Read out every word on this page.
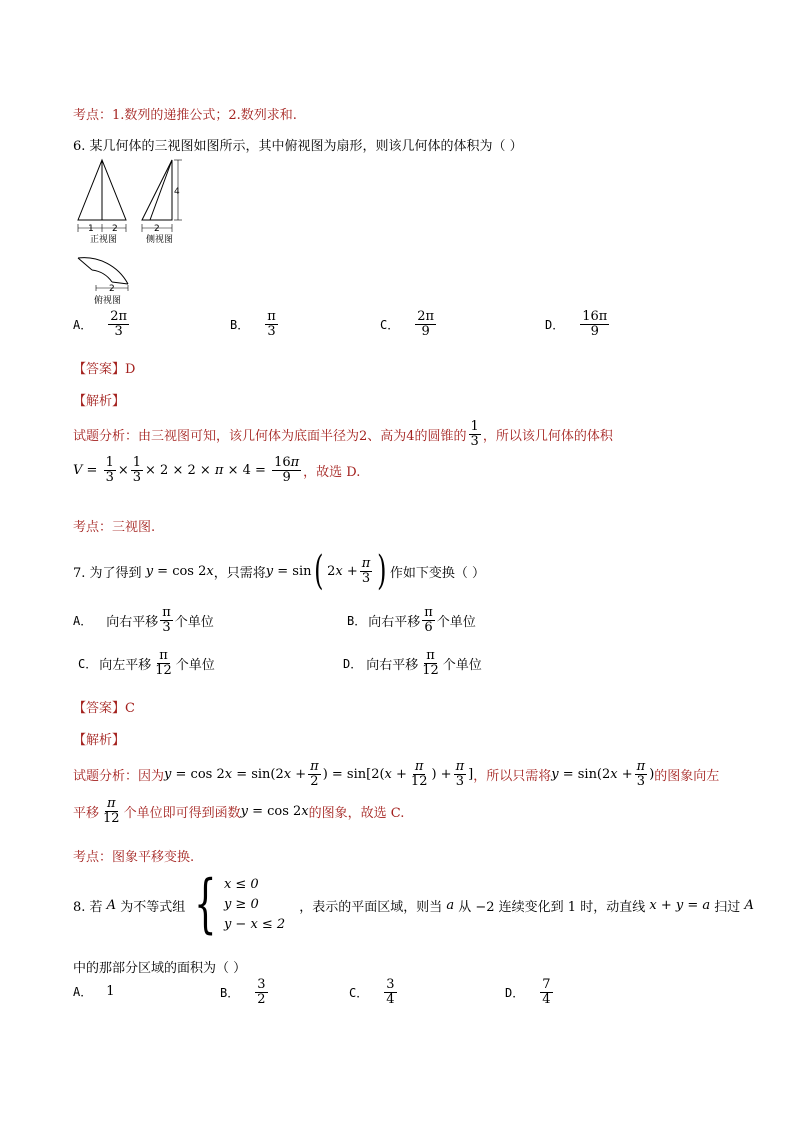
考点：1.数列的递推公式；2.数列求和.
6. 某几何体的三视图如图所示，其中俯视图为扇形，则该几何体的体积为（ ）
1 2
正视图
4
2
侧视图
2
俯视图
A． $\frac{2\pi}{3}$	B． $\frac{\pi}{3}$	C． $\frac{2\pi}{9}$	D． $\frac{16\pi}{9}$
【答案】D
【解析】
试题分析：由三视图可知，该几何体为底面半径为2、高为4的圆锥的 $\frac{1}{3}$ ，所以该几何体的体积
$V = \frac{1}{3} \times \frac{1}{3} \times 2 \times 2 \times \pi \times 4 = \frac{16\pi}{9}$ ，故选 D.
考点：三视图.
7. 为了得到 y = cos 2x ，只需将 y = sin ( $2x + \frac{\pi}{3}$ ) 作如下变换（ ）
A． 向右平移 $\frac{\pi}{3}$ 个单位	B． 向右平移 $\frac{\pi}{6}$ 个单位
C． 向左平移 $\frac{\pi}{12}$ 个单位	D． 向右平移 $\frac{\pi}{12}$ 个单位
【答案】C
【解析】
试题分析：因为 $y = \cos 2x = \sin(2x + \frac{\pi}{2}$ ) = $\sin[2(x + \frac{\pi}{12}$ ) + $\frac{\pi}{3}$ ] ，所以只需将 $y = \sin(2x + \frac{\pi}{3}$ ) 的图象向左
平移 $\frac{\pi}{12}$ 个单位即可得到函数 y = cos 2x 的图象，故选 C.
考点：图象平移变换.
8. 若 A 为不等式组 { x ≤ 0
y ≥ 0
y − x ≤ 2
，表示的平面区域，则当 a 从 −2 连续变化到 1 时，动直线 x + y = a 扫过 A
中的那部分区域的面积为（ ）
A． 1	B． $\frac{3}{2}$	C． $\frac{3}{4}$	D． $\frac{7}{4}$
